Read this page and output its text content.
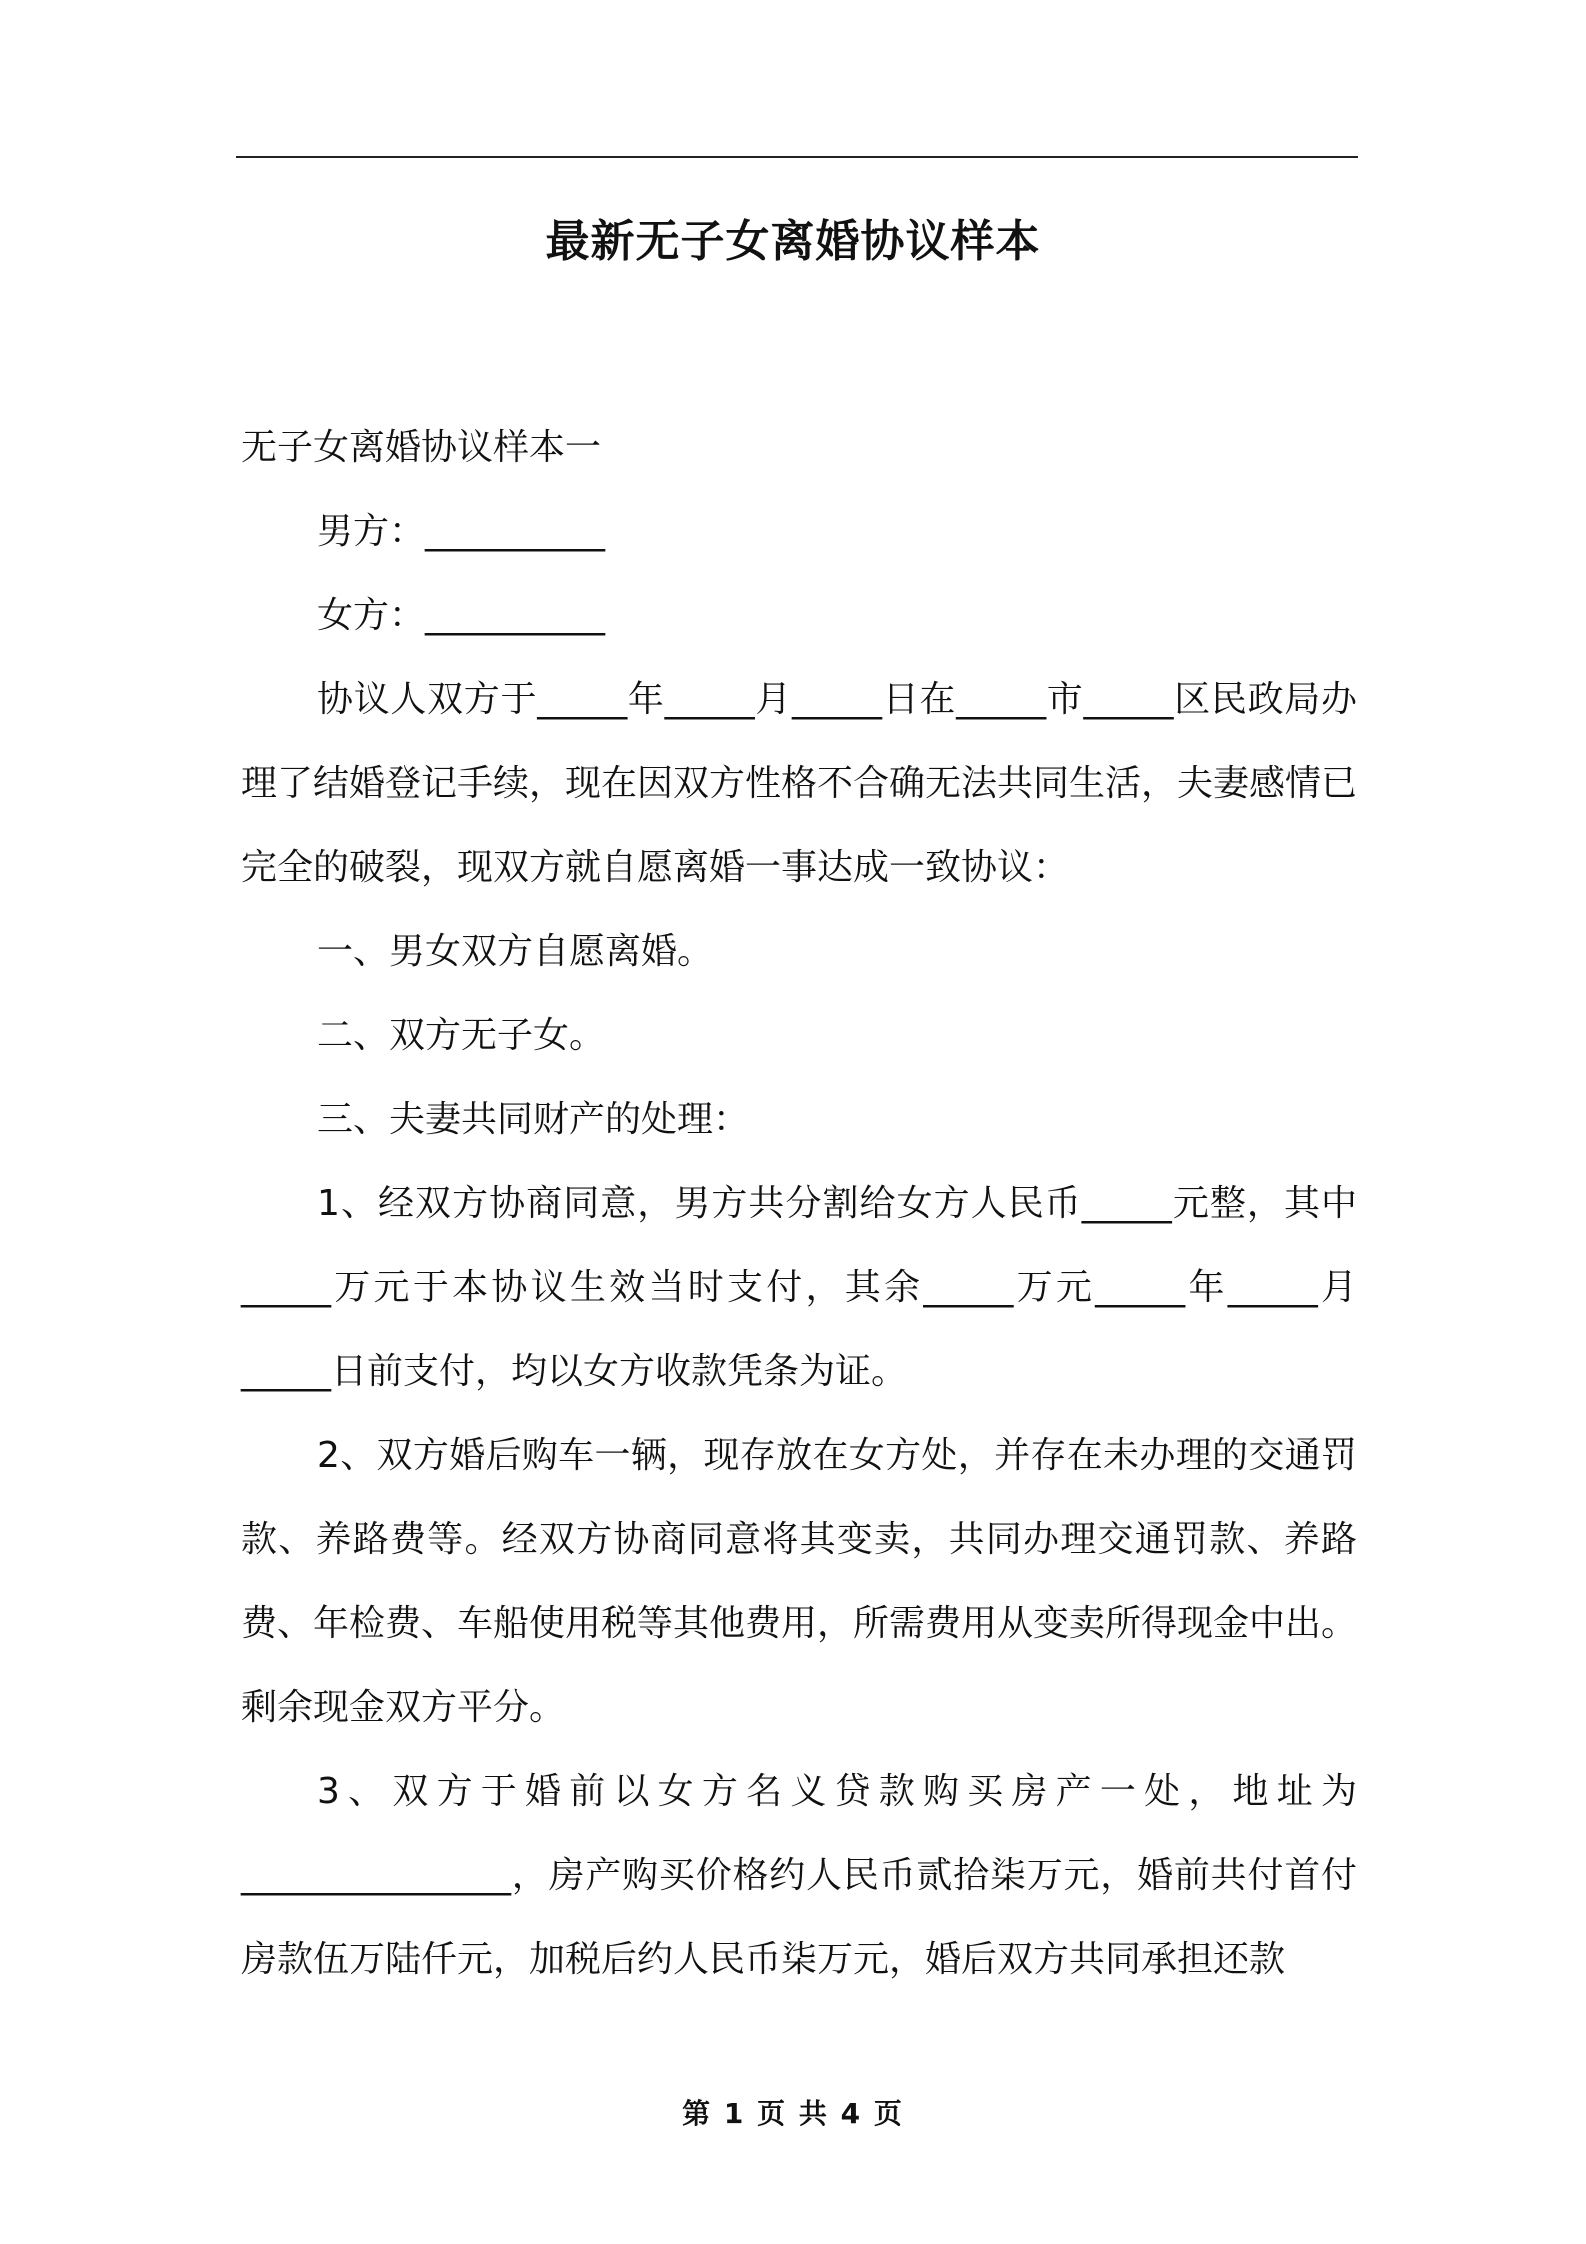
最新无子女离婚协议样本

无子女离婚协议样本一

男方：__________

女方：__________

协议人双方于_____年_____月_____日在_____市_____区民政局办理了结婚登记手续，现在因双方性格不合确无法共同生活，夫妻感情已完全的破裂，现双方就自愿离婚一事达成一致协议：

一、男女双方自愿离婚。

二、双方无子女。

三、夫妻共同财产的处理：

1、经双方协商同意，男方共分割给女方人民币_____元整，其中_____万元于本协议生效当时支付，其余_____万元_____年_____月_____日前支付，均以女方收款凭条为证。

2、双方婚后购车一辆，现存放在女方处，并存在未办理的交通罚款、养路费等。经双方协商同意将其变卖，共同办理交通罚款、养路费、年检费、车船使用税等其他费用，所需费用从变卖所得现金中出。剩余现金双方平分。

3、双方于婚前以女方名义贷款购买房产一处，地址为_______________，房产购买价格约人民币贰拾柒万元，婚前共付首付房款伍万陆仟元，加税后约人民币柒万元，婚后双方共同承担还款

第 1 页 共 4 页
